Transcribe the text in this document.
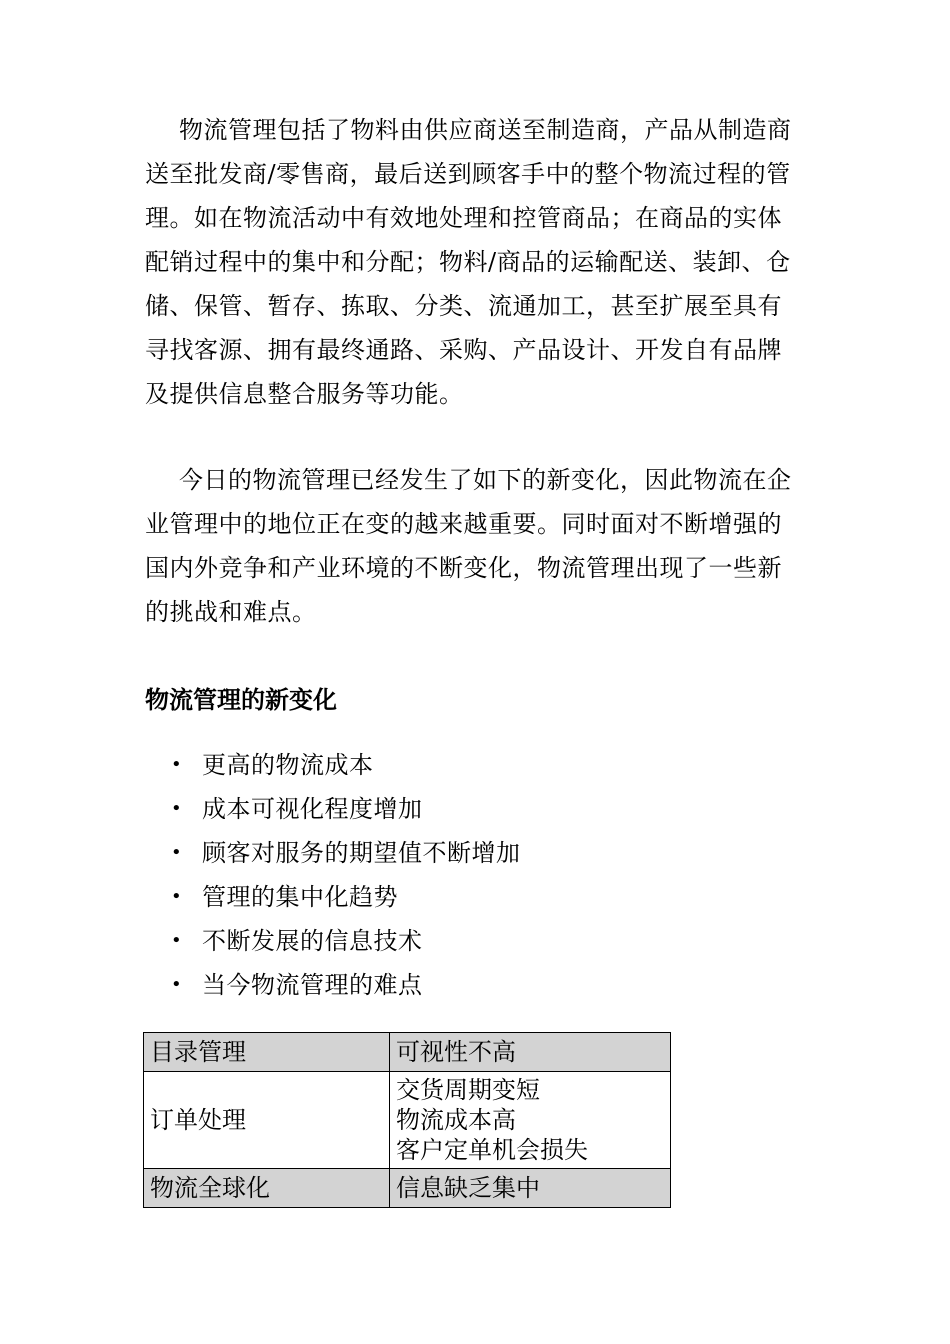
物流管理包括了物料由供应商送至制造商，产品从制造商送至批发商/零售商，最后送到顾客手中的整个物流过程的管理。如在物流活动中有效地处理和控管商品；在商品的实体配销过程中的集中和分配；物料/商品的运输配送、装卸、仓储、保管、暂存、拣取、分类、流通加工，甚至扩展至具有寻找客源、拥有最终通路、采购、产品设计、开发自有品牌及提供信息整合服务等功能。

今日的物流管理已经发生了如下的新变化，因此物流在企业管理中的地位正在变的越来越重要。同时面对不断增强的国内外竞争和产业环境的不断变化，物流管理出现了一些新的挑战和难点。

物流管理的新变化
• 更高的物流成本
• 成本可视化程度增加
• 顾客对服务的期望值不断增加
• 管理的集中化趋势
• 不断发展的信息技术
• 当今物流管理的难点
目录管理	可视性不高
订单处理	交货周期变短
物流成本高
客户定单机会损失

物流全球化	信息缺乏集中
